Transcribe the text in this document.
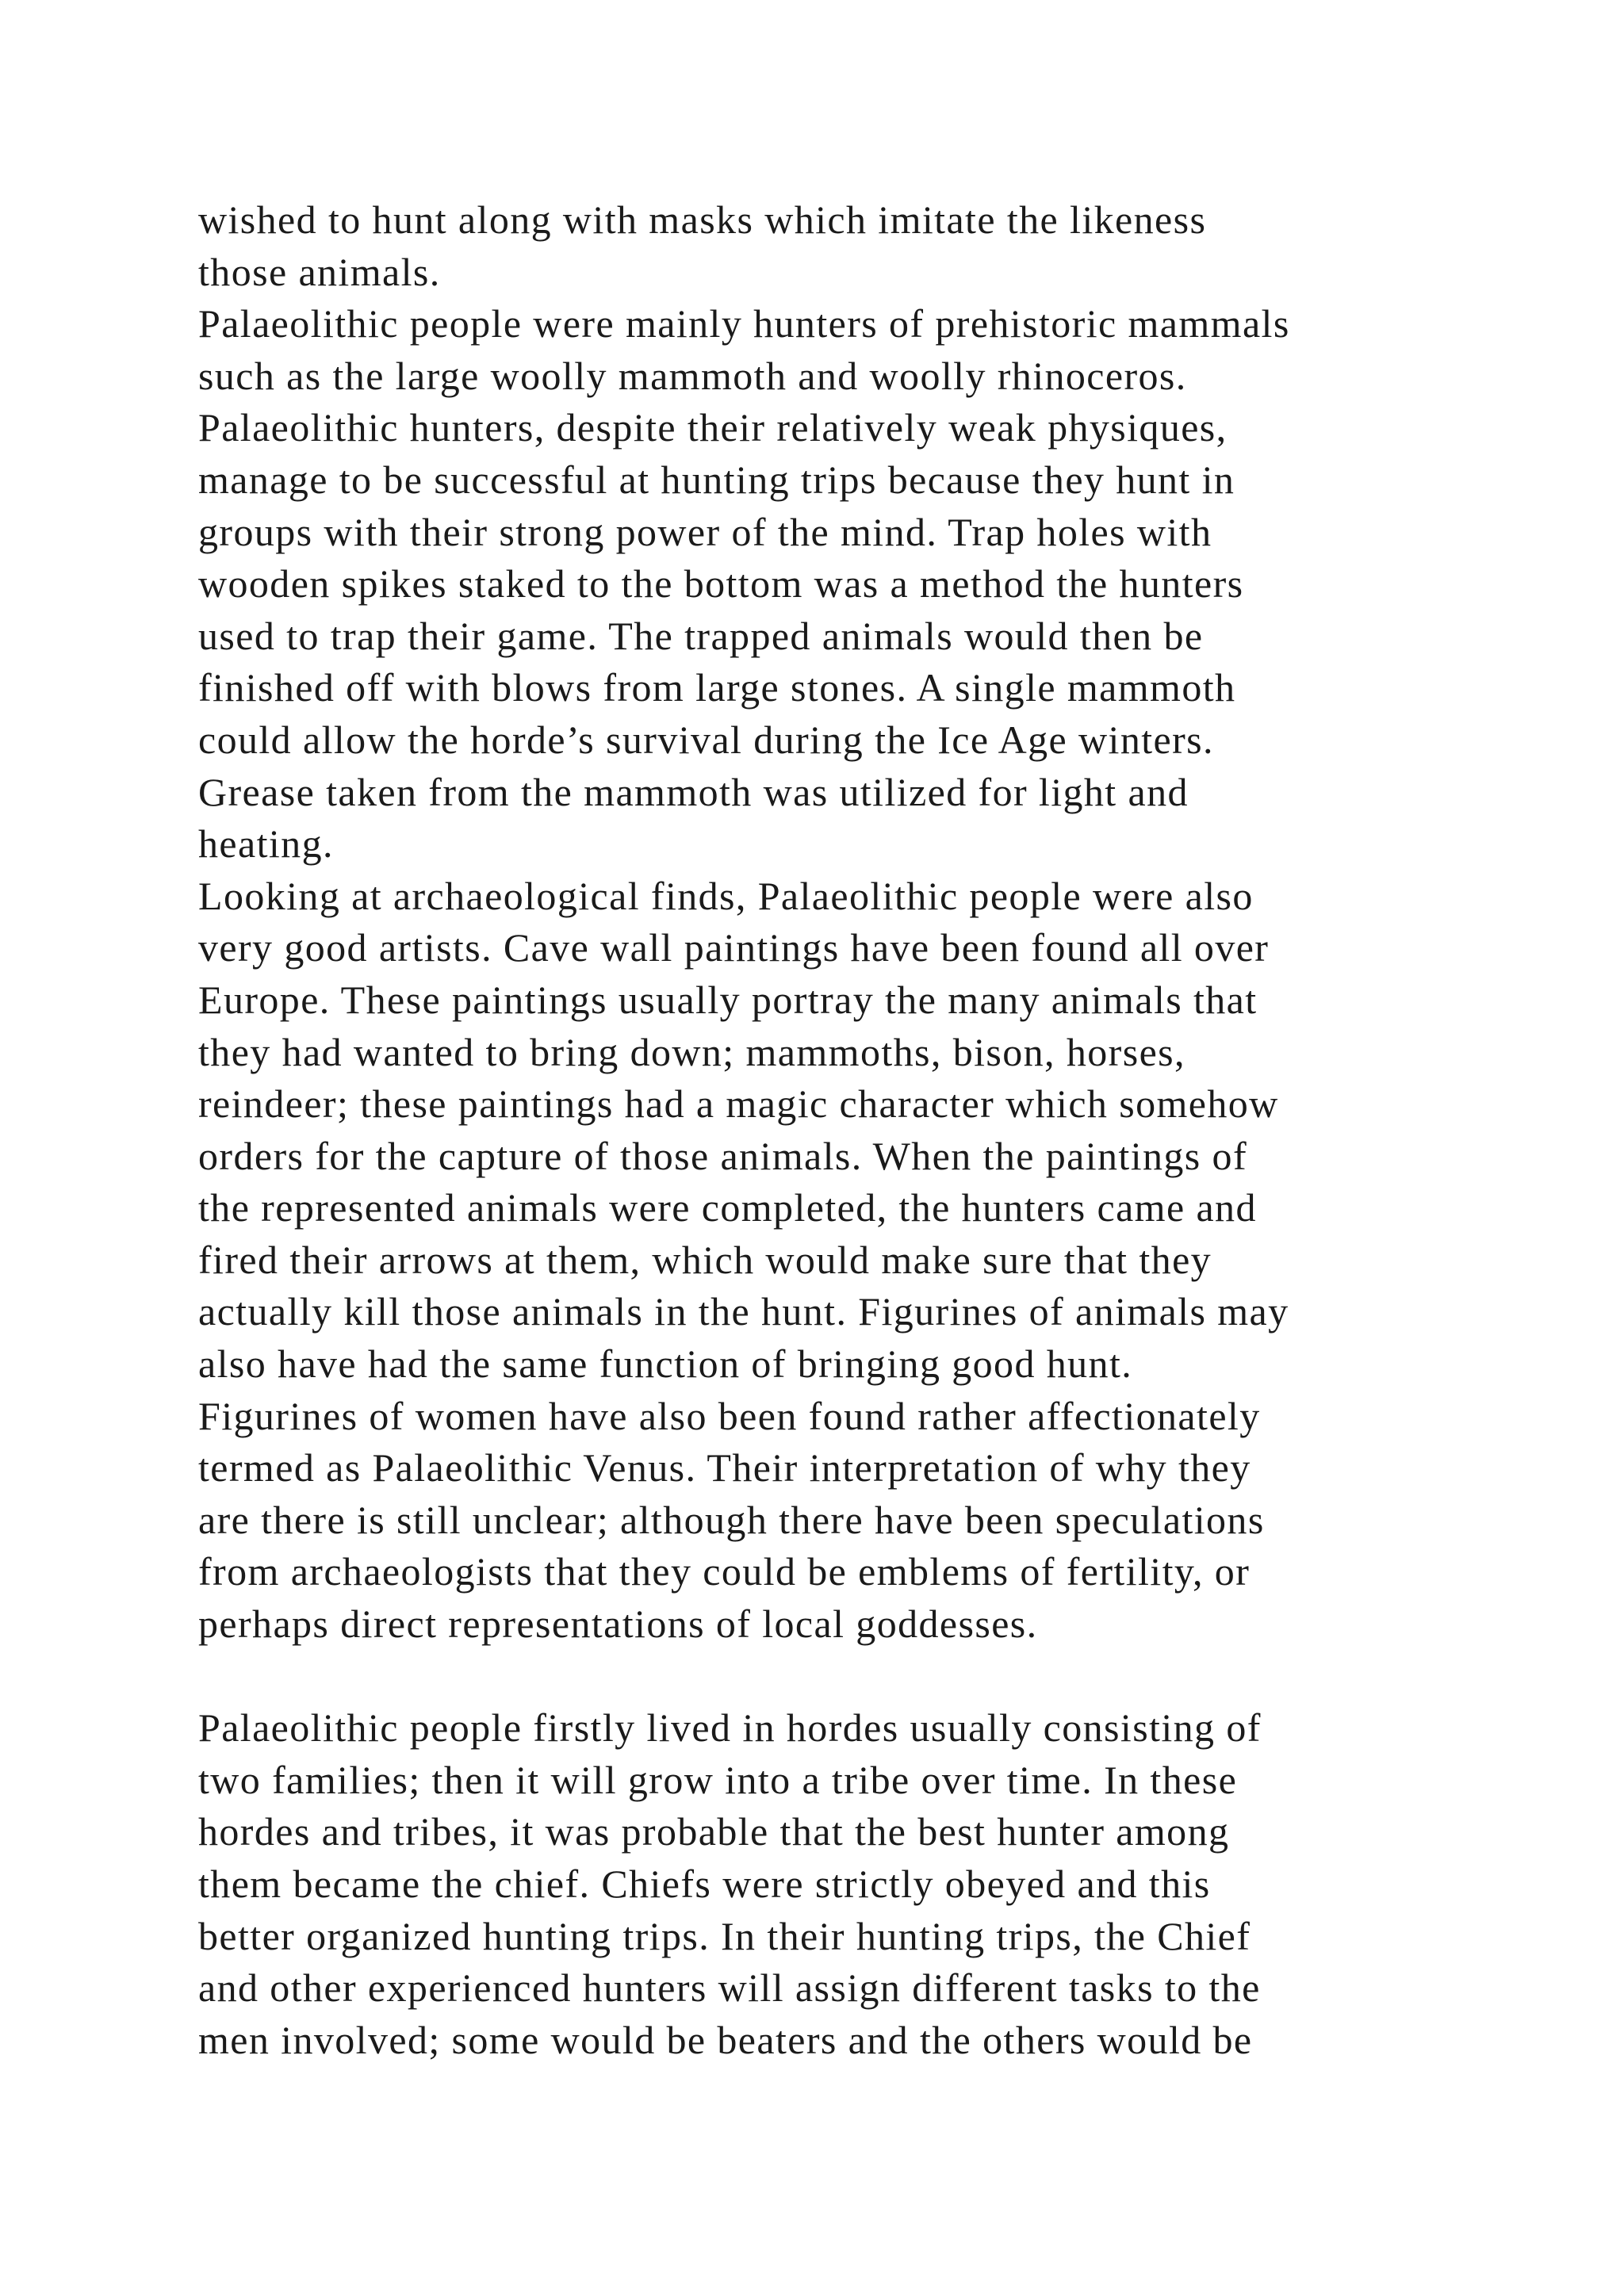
wished to hunt along with masks which imitate the likeness
those animals.
Palaeolithic people were mainly hunters of prehistoric mammals
such as the large woolly mammoth and woolly rhinoceros.
Palaeolithic hunters, despite their relatively weak physiques,
manage to be successful at hunting trips because they hunt in
groups with their strong power of the mind. Trap holes with
wooden spikes staked to the bottom was a method the hunters
used to trap their game. The trapped animals would then be
finished off with blows from large stones. A single mammoth
could allow the horde’s survival during the Ice Age winters.
Grease taken from the mammoth was utilized for light and
heating.
Looking at archaeological finds, Palaeolithic people were also
very good artists. Cave wall paintings have been found all over
Europe. These paintings usually portray the many animals that
they had wanted to bring down; mammoths, bison, horses,
reindeer; these paintings had a magic character which somehow
orders for the capture of those animals. When the paintings of
the represented animals were completed, the hunters came and
fired their arrows at them, which would make sure that they
actually kill those animals in the hunt. Figurines of animals may
also have had the same function of bringing good hunt.
Figurines of women have also been found rather affectionately
termed as Palaeolithic Venus. Their interpretation of why they
are there is still unclear; although there have been speculations
from archaeologists that they could be emblems of fertility, or
perhaps direct representations of local goddesses.
Palaeolithic people firstly lived in hordes usually consisting of
two families; then it will grow into a tribe over time. In these
hordes and tribes, it was probable that the best hunter among
them became the chief. Chiefs were strictly obeyed and this
better organized hunting trips. In their hunting trips, the Chief
and other experienced hunters will assign different tasks to the
men involved; some would be beaters and the others would be
